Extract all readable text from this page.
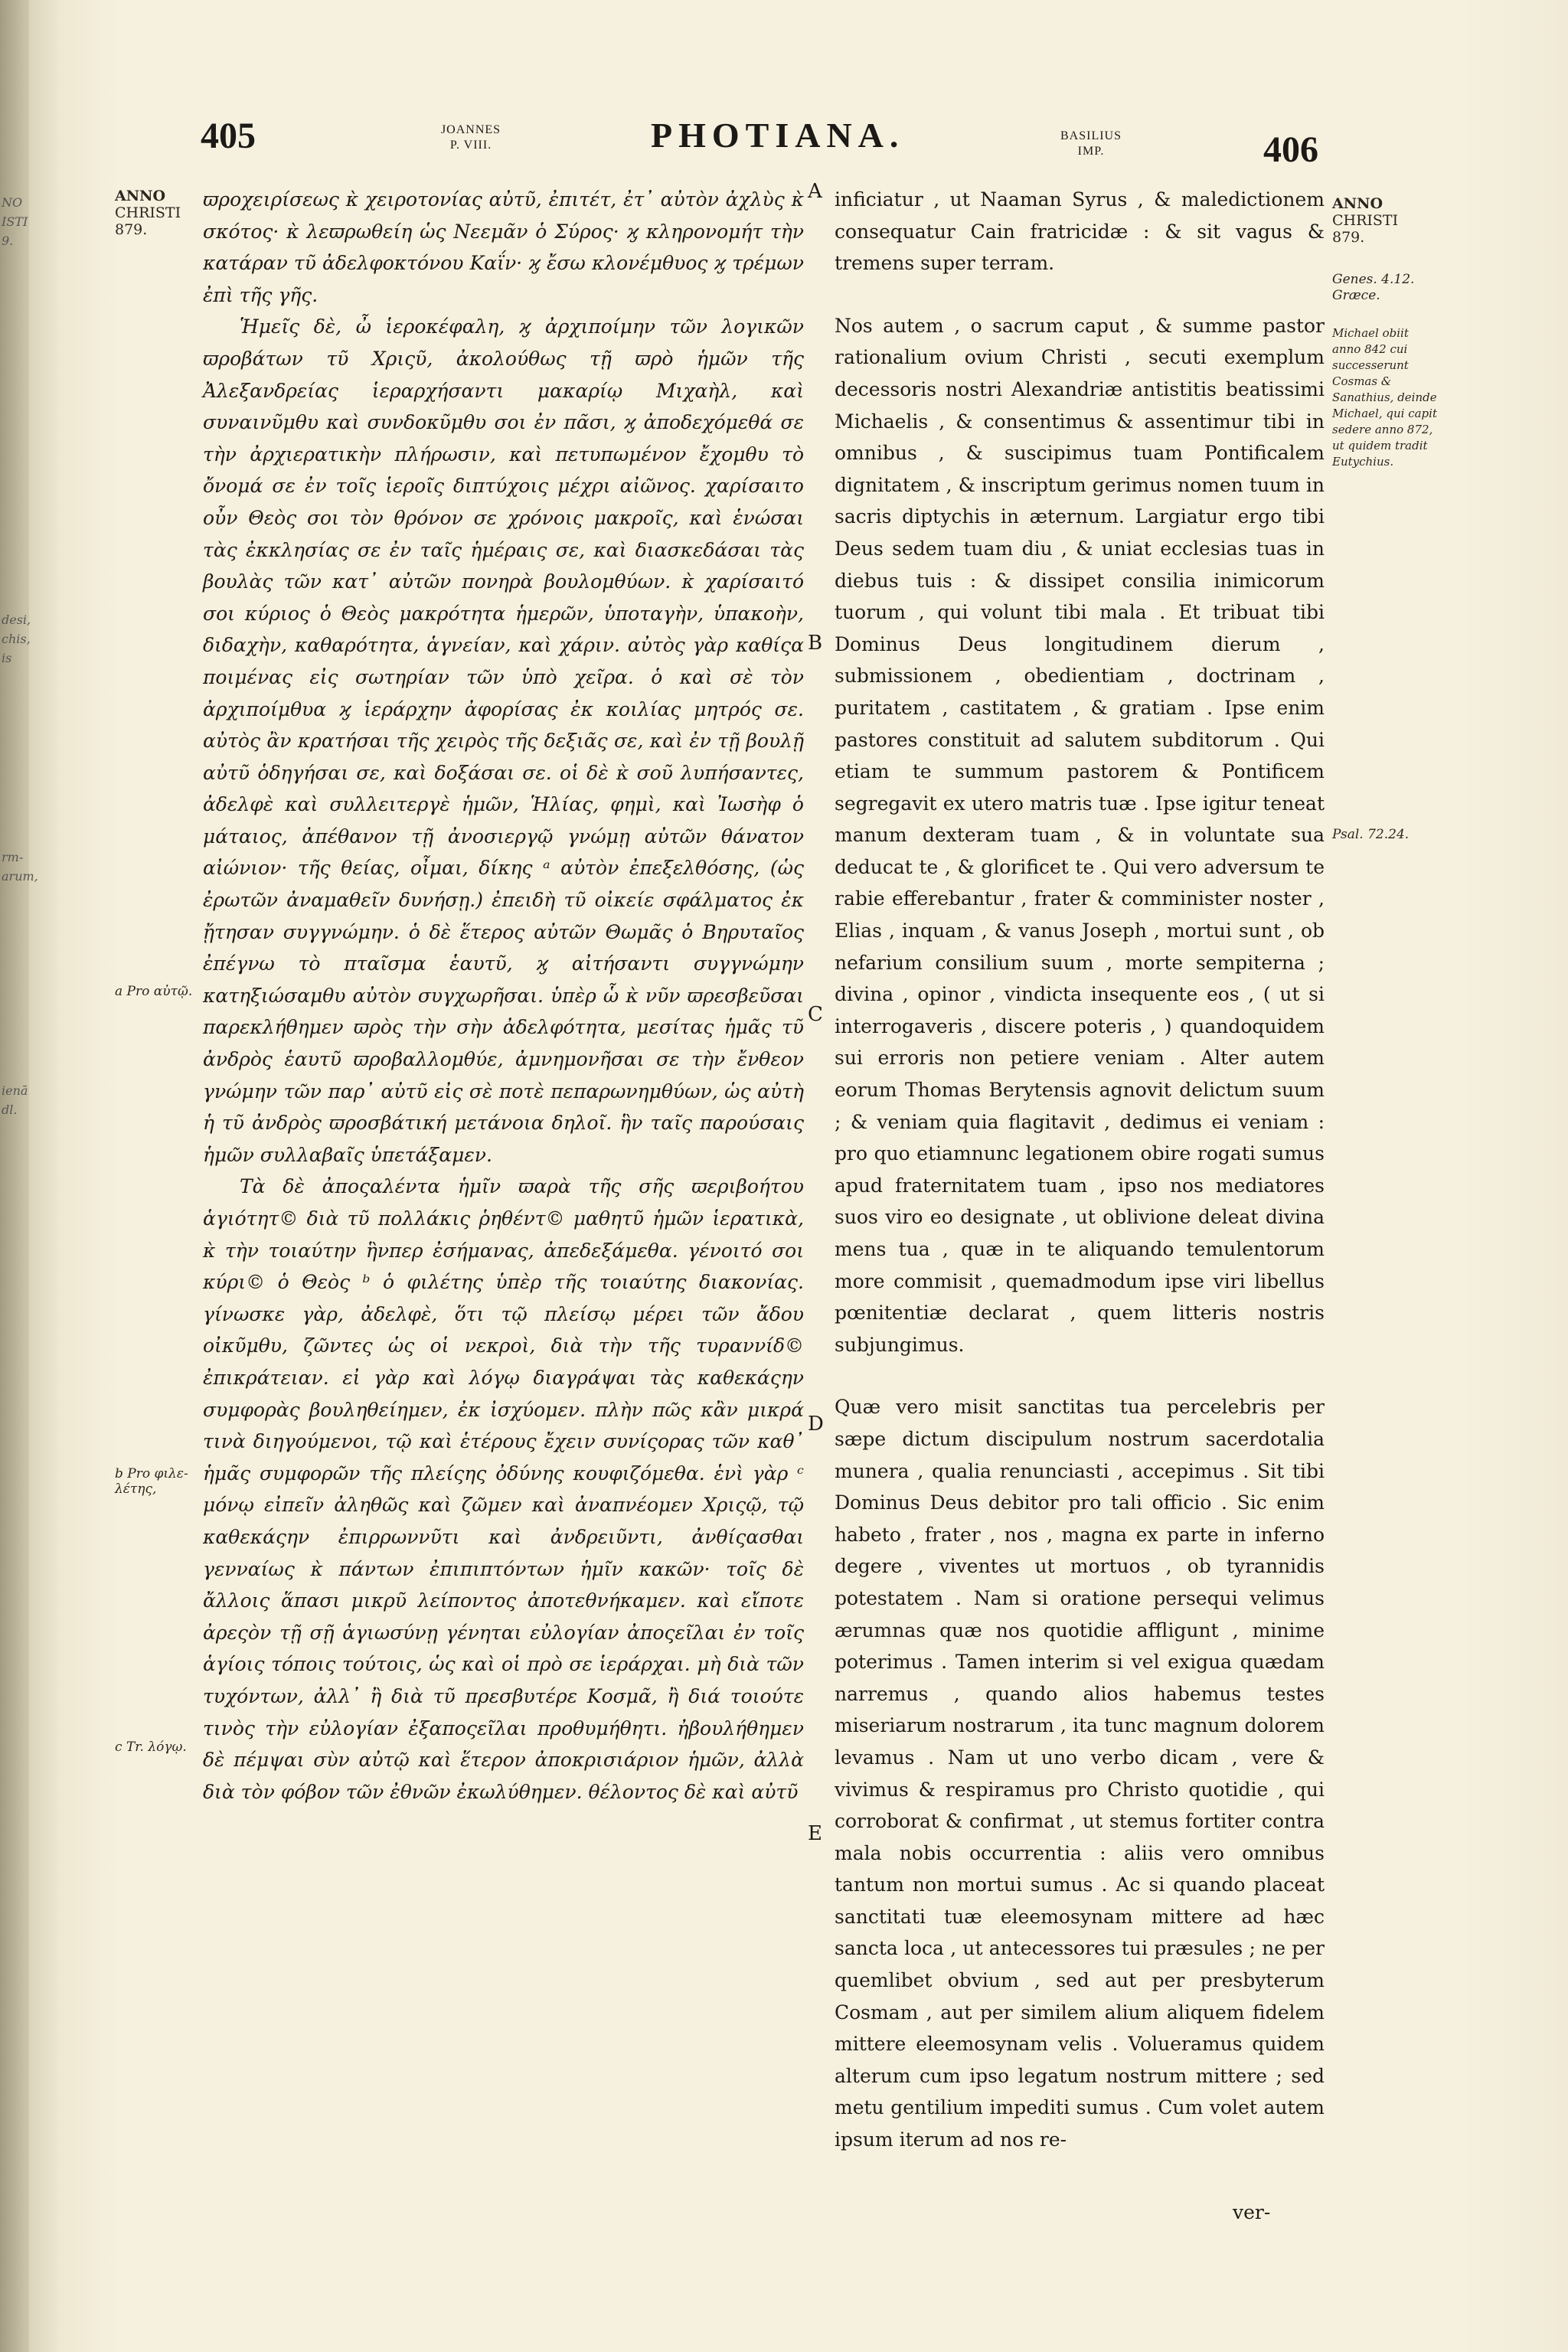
NO
ISTI
9.
desi,
chis,
is
rm-
arum,
ienā
dl.
405	JOANNES
P. VIII.	PHOTIANA.	BASILIUS
IMP.	406
ANNO
CHRISTI
879.
a Pro αὐτῷ.
b Pro φιλε-
λέτης,
c Tr. λόγῳ.

ϖροχειρίσεως κ̀ χειροτονίας αὐτῦ, ἐπιτέτ, ἐτ᾽ αὐτὸν ἀχλὺς κ̀ σκότος· κ̀ λεϖρωθείη ὡς Νεεμᾶν ὁ Σύρος· ϗ κληρονομήτ τὴν κατάραν τῦ ἀδελφοκτόνου Καΐν· ϗ ἔσω κλονέμθυος ϗ τρέμων ἐπὶ τῆς γῆς.

Ἡμεῖς δὲ, ὦ ἱεροκέφαλη, ϗ ἀρχιποίμην τῶν λογικῶν ϖροβάτων τῦ Χριςῦ, ἀκολούθως τῇ ϖρὸ ἡμῶν τῆς Ἀλεξανδρείας ἱεραρχήσαντι μακαρίῳ Μιχαὴλ, καὶ συναινῦμθυ καὶ συνδοκῦμθυ σοι ἐν πᾶσι, ϗ ἀποδεχόμεθά σε τὴν ἀρχιερατικὴν πλήρωσιν, καὶ πετυπωμένον ἔχομθυ τὸ ὄνομά σε ἐν τοῖς ἱεροῖς διπτύχοις μέχρι αἰῶνος. χαρίσαιτο οὖν Θεὸς σοι τὸν θρόνον σε χρόνοις μακροῖς, καὶ ἑνώσαι τὰς ἐκκλησίας σε ἐν ταῖς ἡμέραις σε, καὶ διασκεδάσαι τὰς βουλὰς τῶν κατ᾽ αὐτῶν πονηρὰ βουλομθύων. κ̀ χαρίσαιτό σοι κύριος ὁ Θεὸς μακρότητα ἡμερῶν, ὑποταγὴν, ὑπακοὴν, διδαχὴν, καθαρότητα, ἁγνείαν, καὶ χάριν. αὐτὸς γὰρ καθίςα ποιμένας εἰς σωτηρίαν τῶν ὑπὸ χεῖρα. ὁ καὶ σὲ τὸν ἀρχιποίμθυα ϗ ἱεράρχην ἀφορίσας ἐκ κοιλίας μητρός σε. αὐτὸς ἂν κρατήσαι τῆς χειρὸς τῆς δεξιᾶς σε, καὶ ἐν τῇ βουλῇ αὐτῦ ὁδηγήσαι σε, καὶ δοξάσαι σε. οἱ δὲ κ̀ σοῦ λυπήσαντες, ἀδελφὲ καὶ συλλειτεργὲ ἡμῶν, Ἡλίας, φημὶ, καὶ Ἰωσὴφ ὁ μάταιος, ἀπέθανον τῇ ἀνοσιεργῷ γνώμῃ αὐτῶν θάνατον αἰώνιον· τῆς θείας, οἶμαι, δίκης ᵃ αὐτὸν ἐπεξελθόσης, (ὡς ἐρωτῶν ἀναμαθεῖν δυνήσῃ.) ἐπειδὴ τῦ οἰκείε σφάλματος ἐκ ᾔτησαν συγγνώμην. ὁ δὲ ἕτερος αὐτῶν Θωμᾶς ὁ Βηρυταῖος ἐπέγνω τὸ πταῖσμα ἑαυτῦ, ϗ αἰτήσαντι συγγνώμην κατηξιώσαμθυ αὐτὸν συγχωρῆσαι. ὑπὲρ ὧ κ̀ νῦν ϖρεσβεῦσαι παρεκλήθημεν ϖρὸς τὴν σὴν ἀδελφότητα, μεσίτας ἡμᾶς τῦ ἀνδρὸς ἑαυτῦ ϖροβαλλομθύε, ἀμνημονῆσαι σε τὴν ἔνθεον γνώμην τῶν παρ᾽ αὐτῦ εἰς σὲ ποτὲ πεπαρωνημθύων, ὡς αὐτὴ ἡ τῦ ἀνδρὸς ϖροσβάτική μετάνοια δηλοῖ. ἣν ταῖς παρούσαις ἡμῶν συλλαβαῖς ὑπετάξαμεν.

Τὰ δὲ ἀποςαλέντα ἡμῖν ϖαρὰ τῆς σῆς ϖεριβοήτου ἁγιότητ© διὰ τῦ πολλάκις ῥηθέντ© μαθητῦ ἡμῶν ἱερατικὰ, κ̀ τὴν τοιαύτην ἣνπερ ἐσήμανας, ἀπεδεξάμεθα. γένοιτό σοι κύρι© ὁ Θεὸς ᵇ ὁ φιλέτης ὑπὲρ τῆς τοιαύτης διακονίας. γίνωσκε γὰρ, ἀδελφὲ, ὅτι τῷ πλείσῳ μέρει τῶν ἄδου οἰκῦμθυ, ζῶντες ὡς οἱ νεκροὶ, διὰ τὴν τῆς τυραννίδ© ἐπικράτειαν. εἰ γὰρ καὶ λόγῳ διαγράψαι τὰς καθεκάςην συμφορὰς βουληθείημεν, ἐκ ἰσχύομεν. πλὴν πῶς κἂν μικρά τινὰ διηγούμενοι, τῷ καὶ ἑτέρους ἔχειν συνίςορας τῶν καθ᾽ ἡμᾶς συμφορῶν τῆς πλείςης ὀδύνης κουφιζόμεθα. ἑνὶ γὰρ ᶜ μόνῳ εἰπεῖν ἀληθῶς καὶ ζῶμεν καὶ ἀναπνέομεν Χριςῷ, τῷ καθεκάςην ἐπιρρωννῦτι καὶ ἀνδρειῦντι, ἀνθίςασθαι γενναίως κ̀ πάντων ἐπιπιπτόντων ἡμῖν κακῶν· τοῖς δὲ ἄλλοις ἅπασι μικρῦ λείποντος ἀποτεθνήκαμεν. καὶ εἴποτε ἀρεςὸν τῇ σῇ ἁγιωσύνῃ γένηται εὐλογίαν ἀποςεῖλαι ἐν τοῖς ἁγίοις τόποις τούτοις, ὡς καὶ οἱ πρὸ σε ἱεράρχαι. μὴ διὰ τῶν τυχόντων, ἀλλ᾽ ἢ διὰ τῦ πρεσβυτέρε Κοσμᾶ, ἢ διά τοιούτε τινὸς τὴν εὐλογίαν ἐξαποςεῖλαι προθυμήθητι. ἠβουλήθημεν δὲ πέμψαι σὺν αὐτῷ καὶ ἕτερον ἀποκρισιάριον ἡμῶν, ἀλλὰ διὰ τὸν φόβον τῶν ἐθνῶν ἐκωλύθημεν. θέλοντος δὲ καὶ αὐτῦ

A
B
C
D
E

inficiatur , ut Naaman Syrus , & maledictionem consequatur Cain fratricidæ : & sit vagus & tremens super terram.

Nos autem , o sacrum caput , & summe pastor rationalium ovium Christi , secuti exemplum decessoris nostri Alexandriæ antistitis beatissimi Michaelis , & consentimus & assentimur tibi in omnibus , & suscipimus tuam Pontificalem dignitatem , & inscriptum gerimus nomen tuum in sacris diptychis in æternum. Largiatur ergo tibi Deus sedem tuam diu , & uniat ecclesias tuas in diebus tuis : & dissipet consilia inimicorum tuorum , qui volunt tibi mala . Et tribuat tibi Dominus Deus longitudinem dierum , submissionem , obedientiam , doctrinam , puritatem , castitatem , & gratiam . Ipse enim pastores constituit ad salutem subditorum . Qui etiam te summum pastorem & Pontificem segregavit ex utero matris tuæ . Ipse igitur teneat manum dexteram tuam , & in voluntate sua deducat te , & glorificet te . Qui vero adversum te rabie efferebantur , frater & comminister noster , Elias , inquam , & vanus Joseph , mortui sunt , ob nefarium consilium suum , morte sempiterna ; divina , opinor , vindicta insequente eos , ( ut si interrogaveris , discere poteris , ) quandoquidem sui erroris non petiere veniam . Alter autem eorum Thomas Berytensis agnovit delictum suum ; & veniam quia flagitavit , dedimus ei veniam : pro quo etiamnunc legationem obire rogati sumus apud fraternitatem tuam , ipso nos mediatores suos viro eo designate , ut oblivione deleat divina mens tua , quæ in te aliquando temulentorum more commisit , quemadmodum ipse viri libellus pœnitentiæ declarat , quem litteris nostris subjungimus.

Quæ vero misit sanctitas tua percelebris per sæpe dictum discipulum nostrum sacerdotalia munera , qualia renunciasti , accepimus . Sit tibi Dominus Deus debitor pro tali officio . Sic enim habeto , frater , nos , magna ex parte in inferno degere , viventes ut mortuos , ob tyrannidis potestatem . Nam si oratione persequi velimus ærumnas quæ nos quotidie affligunt , minime poterimus . Tamen interim si vel exigua quædam narremus , quando alios habemus testes miseriarum nostrarum , ita tunc magnum dolorem levamus . Nam ut uno verbo dicam , vere & vivimus & respiramus pro Christo quotidie , qui corroborat & confirmat , ut stemus fortiter contra mala nobis occurrentia : aliis vero omnibus tantum non mortui sumus . Ac si quando placeat sanctitati tuæ eleemosynam mittere ad hæc sancta loca , ut antecessores tui præsules ; ne per quemlibet obvium , sed aut per presbyterum Cosmam , aut per similem alium aliquem fidelem mittere eleemosynam velis . Volueramus quidem alterum cum ipso legatum nostrum mittere ; sed metu gentilium impediti sumus . Cum volet autem ipsum iterum ad nos re-

ver-
ANNO
CHRISTI
879.
Genes. 4.12.
Græce.
Michael obiit anno 842 cui successerunt Cosmas & Sanathius, deinde Michael, qui capit sedere anno 872, ut quidem tradit Eutychius.
Psal. 72.24.
